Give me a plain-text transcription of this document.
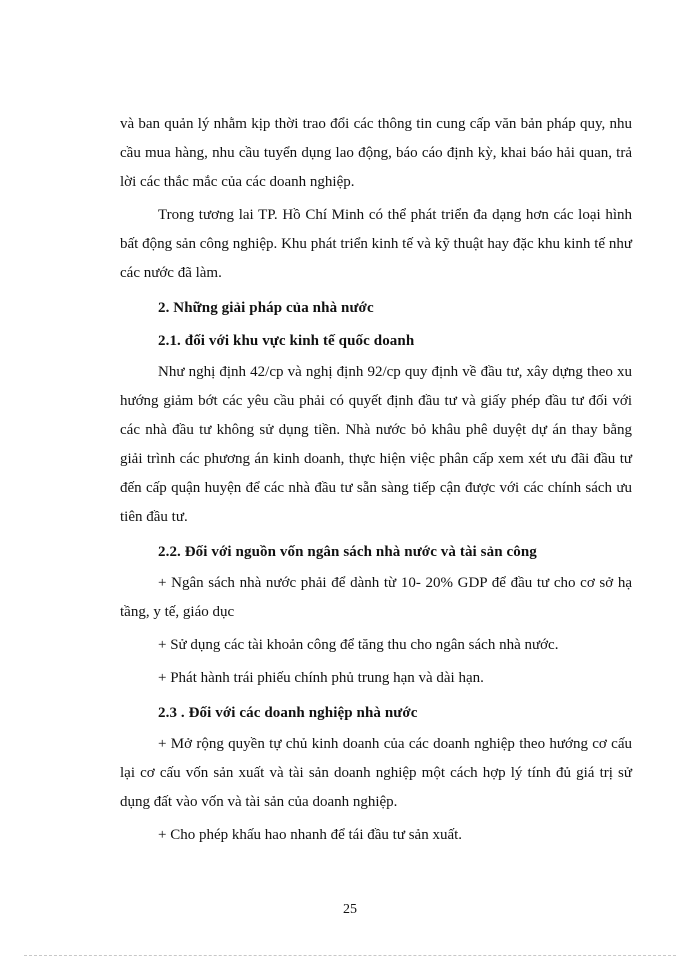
và ban quản lý nhằm kịp thời trao đổi các thông tin cung cấp văn bản pháp quy, nhu cầu mua hàng, nhu cầu tuyển dụng lao động, báo cáo định kỳ, khai báo hải quan, trả lời các thắc mắc của các doanh nghiệp.

Trong tương lai TP. Hồ Chí Minh có thể phát triển đa dạng hơn các loại hình bất động sản công nghiệp. Khu phát triển kinh tế và kỹ thuật hay đặc khu kinh tế như các nước đã làm.

2. Những giải pháp của nhà nước

2.1. đối với khu vực kinh tế quốc doanh

Như nghị định 42/cp và nghị định 92/cp quy định về đầu tư, xây dựng theo xu hướng giảm bớt các yêu cầu phải có quyết định đầu tư và giấy phép đầu tư đối với các nhà đầu tư không sử dụng tiền. Nhà nước bỏ khâu phê duyệt dự án thay bằng giải trình các phương án kinh doanh, thực hiện việc phân cấp xem xét ưu đãi đầu tư đến cấp quận huyện để các nhà đầu tư sẵn sàng tiếp cận được với các chính sách ưu tiên đầu tư.

2.2. Đối với nguồn vốn ngân sách nhà nước và tài sản công

+ Ngân sách nhà nước phải để dành từ 10- 20% GDP để đầu tư cho cơ sở hạ tầng, y tế, giáo dục

+ Sử dụng các tài khoản công để tăng thu cho ngân sách nhà nước.

+ Phát hành trái phiếu chính phủ trung hạn và dài hạn.

2.3 . Đối với các doanh nghiệp nhà nước

+ Mở rộng quyền tự chủ kinh doanh của các doanh nghiệp theo hướng cơ cấu lại cơ cấu vốn sản xuất và tài sản doanh nghiệp một cách hợp lý tính đủ giá trị sử dụng đất vào vốn và tài sản của doanh nghiệp.

+ Cho phép khấu hao nhanh để tái đầu tư sản xuất.

25
